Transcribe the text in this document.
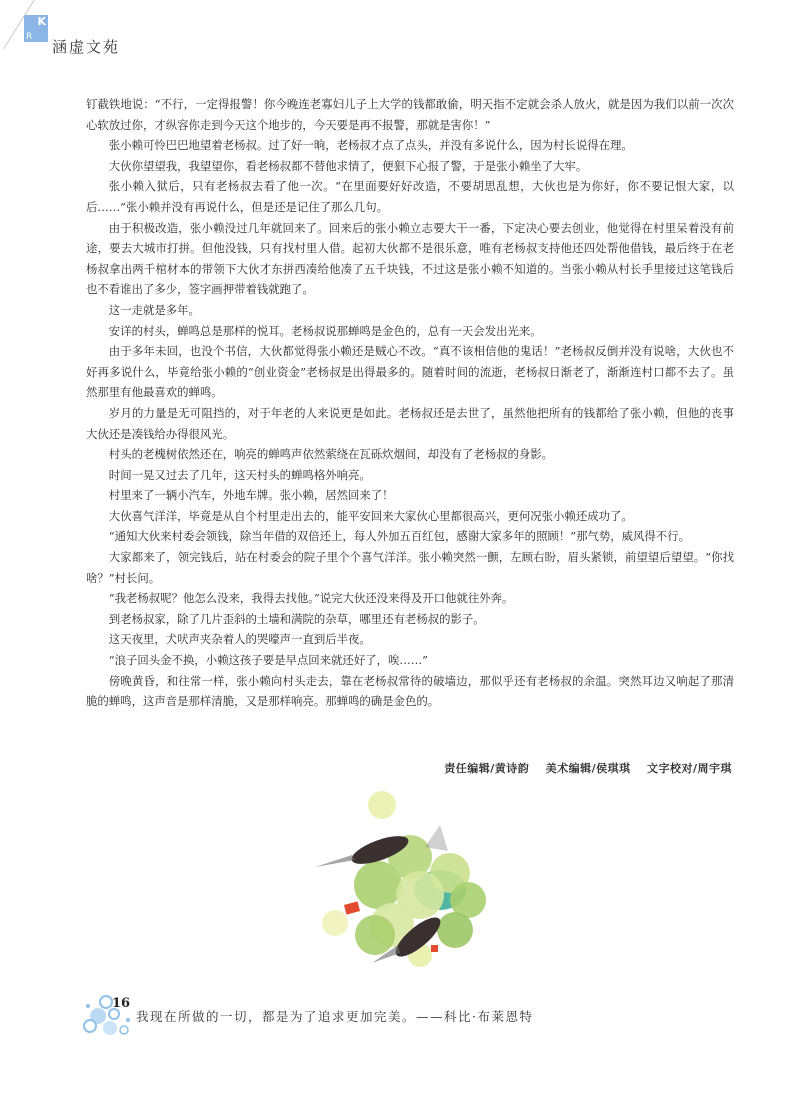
K
R
涵虚文苑

钉截铁地说：“不行，一定得报警！你今晚连老寡妇儿子上大学的钱都敢偷，明天指不定就会杀人放火，就是因为我们以前一次次心软放过你，才纵容你走到今天这个地步的，今天要是再不报警，那就是害你！”

张小赖可怜巴巴地望着老杨叔。过了好一晌，老杨叔才点了点头，并没有多说什么，因为村长说得在理。

大伙你望望我，我望望你，看老杨叔都不替他求情了，便狠下心报了警，于是张小赖坐了大牢。

张小赖入狱后，只有老杨叔去看了他一次。“在里面要好好改造，不要胡思乱想，大伙也是为你好，你不要记恨大家，以后……”张小赖并没有再说什么，但是还是记住了那么几句。

由于积极改造，张小赖没过几年就回来了。回来后的张小赖立志要大干一番，下定决心要去创业，他觉得在村里呆着没有前途，要去大城市打拼。但他没钱，只有找村里人借。起初大伙都不是很乐意，唯有老杨叔支持他还四处帮他借钱，最后终于在老杨叔拿出两千棺材本的带领下大伙才东拼西凑给他凑了五千块钱，不过这是张小赖不知道的。当张小赖从村长手里接过这笔钱后也不看谁出了多少，签字画押带着钱就跑了。

这一走就是多年。

安详的村头，蝉鸣总是那样的悦耳。老杨叔说那蝉鸣是金色的，总有一天会发出光来。

由于多年未回，也没个书信，大伙都觉得张小赖还是贼心不改。“真不该相信他的鬼话！”老杨叔反倒并没有说啥，大伙也不好再多说什么，毕竟给张小赖的“创业资金”老杨叔是出得最多的。随着时间的流逝，老杨叔日渐老了，渐渐连村口都不去了。虽然那里有他最喜欢的蝉鸣。

岁月的力量是无可阻挡的，对于年老的人来说更是如此。老杨叔还是去世了，虽然他把所有的钱都给了张小赖，但他的丧事大伙还是凑钱给办得很风光。

村头的老槐树依然还在，响亮的蝉鸣声依然萦绕在瓦砾炊烟间，却没有了老杨叔的身影。

时间一晃又过去了几年，这天村头的蝉鸣格外响亮。

村里来了一辆小汽车，外地车牌。张小赖，居然回来了！

大伙喜气洋洋，毕竟是从自个村里走出去的，能平安回来大家伙心里都很高兴，更何况张小赖还成功了。

“通知大伙来村委会领钱，除当年借的双倍还上，每人外加五百红包，感谢大家多年的照顾！”那气势，威风得不行。

大家都来了，领完钱后，站在村委会的院子里个个喜气洋洋。张小赖突然一颤，左顾右盼，眉头紧锁，前望望后望望。“你找啥？”村长问。

“我老杨叔呢？他怎么没来，我得去找他。”说完大伙还没来得及开口他就往外奔。

到老杨叔家，除了几片歪斜的土墙和满院的杂草，哪里还有老杨叔的影子。

这天夜里，犬吠声夹杂着人的哭嚎声一直到后半夜。

“浪子回头金不换，小赖这孩子要是早点回来就还好了，唉……”

傍晚黄昏，和往常一样，张小赖向村头走去，靠在老杨叔常待的破墙边，那似乎还有老杨叔的余温。突然耳边又响起了那清脆的蝉鸣，这声音是那样清脆，又是那样响亮。那蝉鸣的确是金色的。

责任编辑/黄诗韵 美术编辑/侯琪琪 文字校对/周宇琪
16
我现在所做的一切，都是为了追求更加完美。——科比·布莱恩特
